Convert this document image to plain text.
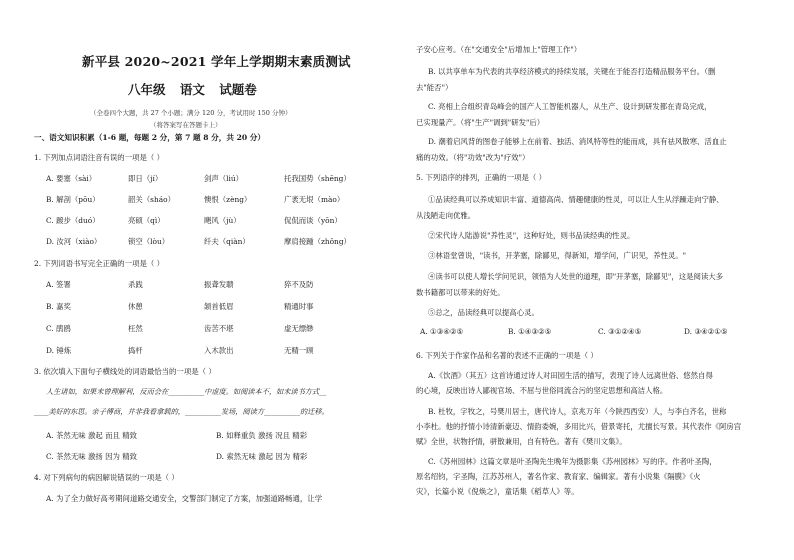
新平县 2020~2021 学年上学期期末素质测试
八年级 语文 试题卷
（全卷四个大题，共 27 个小题；满分 120 分，考试用时 150 分钟）
（将答案写在答题卡上）
一、语文知识积累（1-6 题，每题 2 分，第 7 题 8 分，共 20 分）
1. 下列加点词语注音有误的一项是（ ）
A. 要塞（sài）	即日（jí）	剑声（liú）	托我国势（shēng）
B. 解剖（pōu）	韶关（sháo）	懊恨（zèng）	广袤无垠（mào）
C. 踱步（duó）	亮硕（qì）	飓风（jù）	侃侃而谈（yōn）
D. 汝河（xiào）	锁空（lòu）	纤夫（qiàn）	摩肩接踵（zhǒng）
2. 下列词语书写完全正确的一项是（ ）
A. 签署	杀践	振聋发聩	猝不及防
B. 嘉奖	休憩	颔首低眉	精通时事
C. 鹃鸥	枉然	齿苦不堪	虚无缥缈
D. 锤炼	捣杆	入木款出	无精一顾
3. 依次填入下面句子横线处的词语最恰当的一项是（ ）
人生诸如，如果未曾理解利，反而会在__________中虚度。如阅读本不，如未读书方式__
____美好的东思。亲子傅商，并非我看拿载的，__________发场，阅读方__________的迁移。
A. 茶然无味 激起 而且 精致	B. 如释重负 激扬 况且 精彩
C. 茶然无味 激扬 因为 精致	D. 索然无味 激起 因为 精彩
4. 对下列病句的病因解说错误的一项是（ ）
A. 为了全力做好高考期间道路交通安全，交警部门制定了方案，加强道路畅通，让学
子安心应考。（在"交通安全"后增加上"管理工作"）
B. 以共享单车为代表的共享经济模式的持续发展，关键在于能否打造精品服务平台。（删
去"能否"）
C. 亮相上合组织青岛峰会的国产人工智能机器人，从生产、设计到研发都在青岛完成，
已实现量产。（将"生产"调到"研发"后）
D. 潮着启风背的图卷子能够上在前着、独活、消风特等性的能而成，具有祛风散寒、活血止
痛的功效。（将"功效"改为"疗效"）
5. 下列语序的排列，正确的一项是（ ）
①品读经典可以养成知识丰富、道德高尚、情趣健康的性灵，可以让人生从浮躁走向宁静、
从浅陋走向优雅。
②宋代诗人陆游说"养性灵"，这种好处，则书品读经典的性灵。
③林语堂曾说，"读书，开茅塞，除鄙见，得新知，增学问，广识见，养性灵。"
④读书可以使人增长学问见识，领悟为人处世的道理，即"开茅塞，除鄙见"，这是阅读大多
数书籍都可以带来的好处。
⑤总之，品读经典可以提高心灵。
A. ①③④②⑤	B. ①④③②⑤	C. ③①②④⑤	D. ③④②①⑤
6. 下列关于作家作品和名著的表述不正确的一项是（ ）
A.《饮酒》（其五）这首诗通过诗人对田园生活的描写，表现了诗人远离世俗、悠然自得
的心境，反映出诗人鄙视官场、不屈与世俗同流合污的坚定思想和高洁人格。
B. 杜牧，字牧之，号樊川居士，唐代诗人，京兆万年（今陕西西安）人，与李白齐名，世称
小李杜。他的抒情小诗清新豪迈、情韵委婉，多用比兴，借景寄托，尤擅长写景。其代表作《阿房宫
赋》全世，状物抒情，骈散兼用，自有特色。著有《樊川文集》。
C.《苏州园林》这篇文章是叶圣陶先生晚年为摄影集《苏州园林》写的序。作者叶圣陶，
原名绍钧，字圣陶，江苏苏州人，著名作家、教育家、编辑家。著有小说集《隔膜》《火
灾》，长篇小说《倪焕之》，童话集《稻草人》等。
